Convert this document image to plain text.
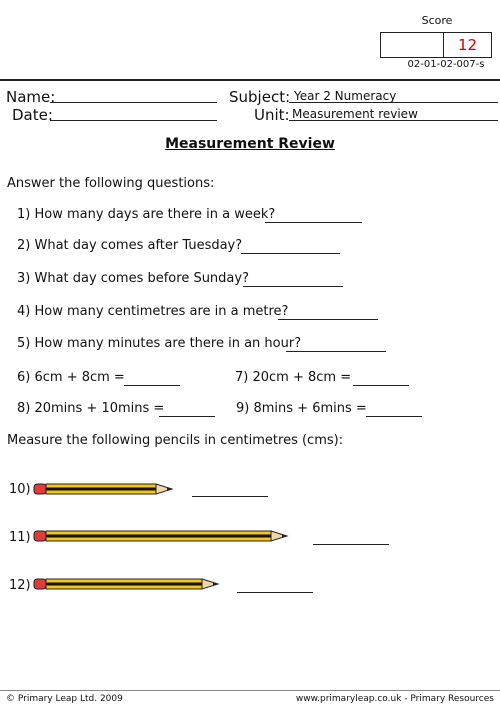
Score
12
02-01-02-007-s
Name:
Date:
Subject: Year 2 Numeracy
Unit: Measurement review
Measurement Review
Answer the following questions:
1) How many days are there in a week?
2) What day comes after Tuesday?
3) What day comes before Sunday?
4) How many centimetres are in a metre?
5) How many minutes are there in an hour?
6) 6cm + 8cm =	7) 20cm + 8cm =
8) 20mins + 10mins =	9) 8mins + 6mins =
Measure the following pencils in centimetres (cms):
10)
11)
12)
© Primary Leap Ltd. 2009	www.primaryleap.co.uk - Primary Resources
